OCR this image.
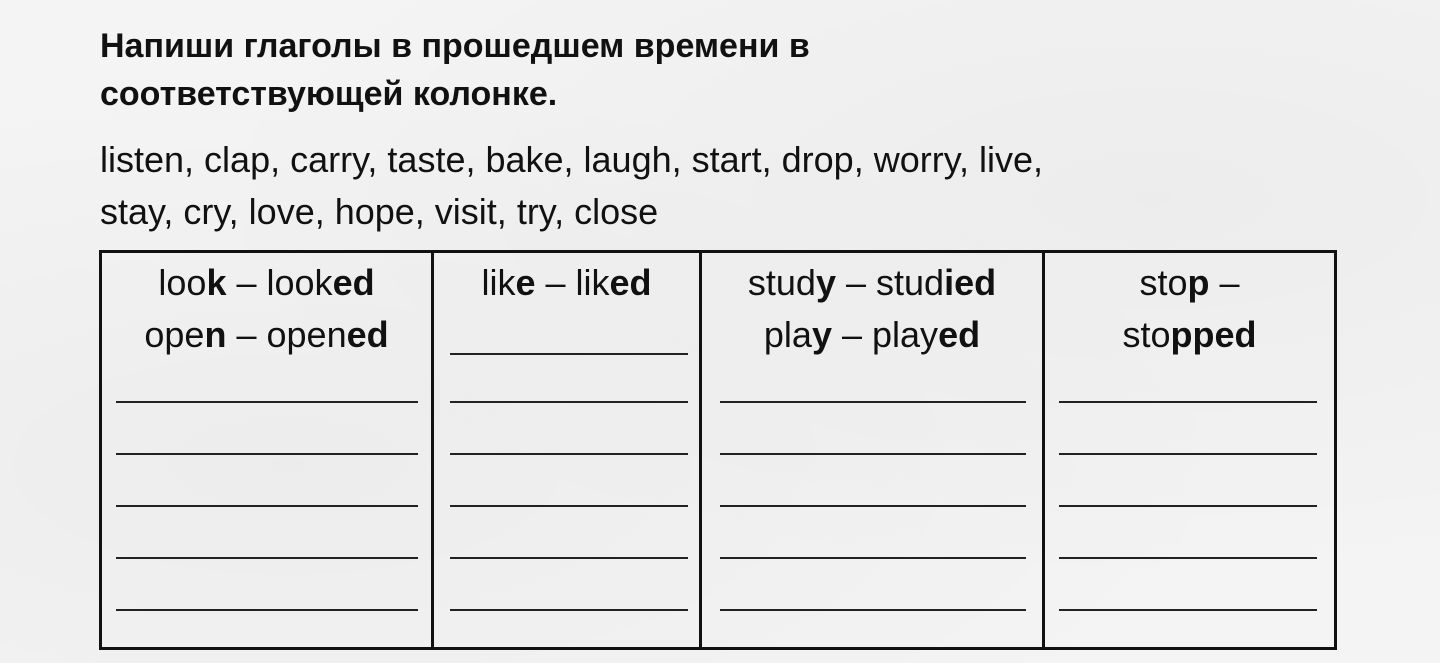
Напиши глаголы в прошедшем времени в
соответствующей колонке.
listen, clap, carry, taste, bake, laugh, start, drop, worry, live,
stay, cry, love, hope, visit, try, close
look – looked
open – opened
like – liked	study – studied
play – played
stop –
stopped
